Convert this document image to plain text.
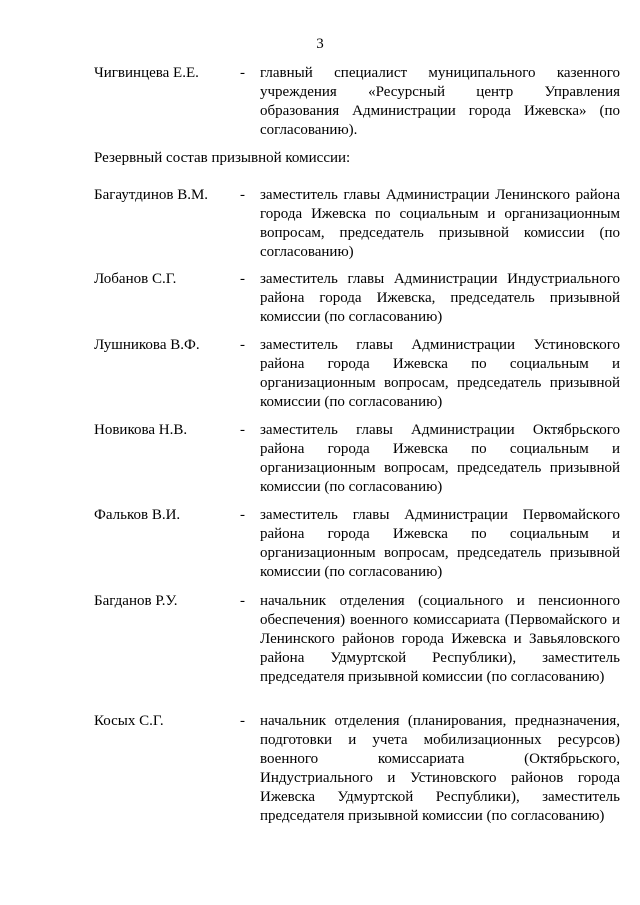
3
Чигвинцева Е.Е.	- главный специалист муниципального казенного учреждения «Ресурсный центр Управления образования Администрации города Ижевска» (по согласованию).
Резервный состав призывной комиссии:
Багаутдинов В.М. - заместитель главы Администрации Ленинского района города Ижевска по социальным и организационным вопросам, председатель призывной комиссии (по согласованию)
Лобанов С.Г.	- заместитель главы Администрации Индустриального района города Ижевска, председатель призывной комиссии (по согласованию)
Лушникова В.Ф.	- заместитель главы Администрации Устиновского района города Ижевска по социальным и организационным вопросам, председатель призывной комиссии (по согласованию)
Новикова Н.В.	- заместитель главы Администрации Октябрьского района города Ижевска по социальным и организационным вопросам, председатель призывной комиссии (по согласованию)
Фальков В.И.	- заместитель главы Администрации Первомайского района города Ижевска по социальным и организационным вопросам, председатель призывной комиссии (по согласованию)
Багданов Р.У.	- начальник отделения (социального и пенсионного обеспечения) военного комиссариата (Первомайского и Ленинского районов города Ижевска и Завьяловского района Удмуртской Республики), заместитель председателя призывной комиссии (по согласованию)
Косых С.Г.	- начальник отделения (планирования, предназначения, подготовки и учета мобилизационных ресурсов) военного комиссариата (Октябрьского, Индустриального и Устиновского районов города Ижевска Удмуртской Республики), заместитель председателя призывной комиссии (по согласованию)
